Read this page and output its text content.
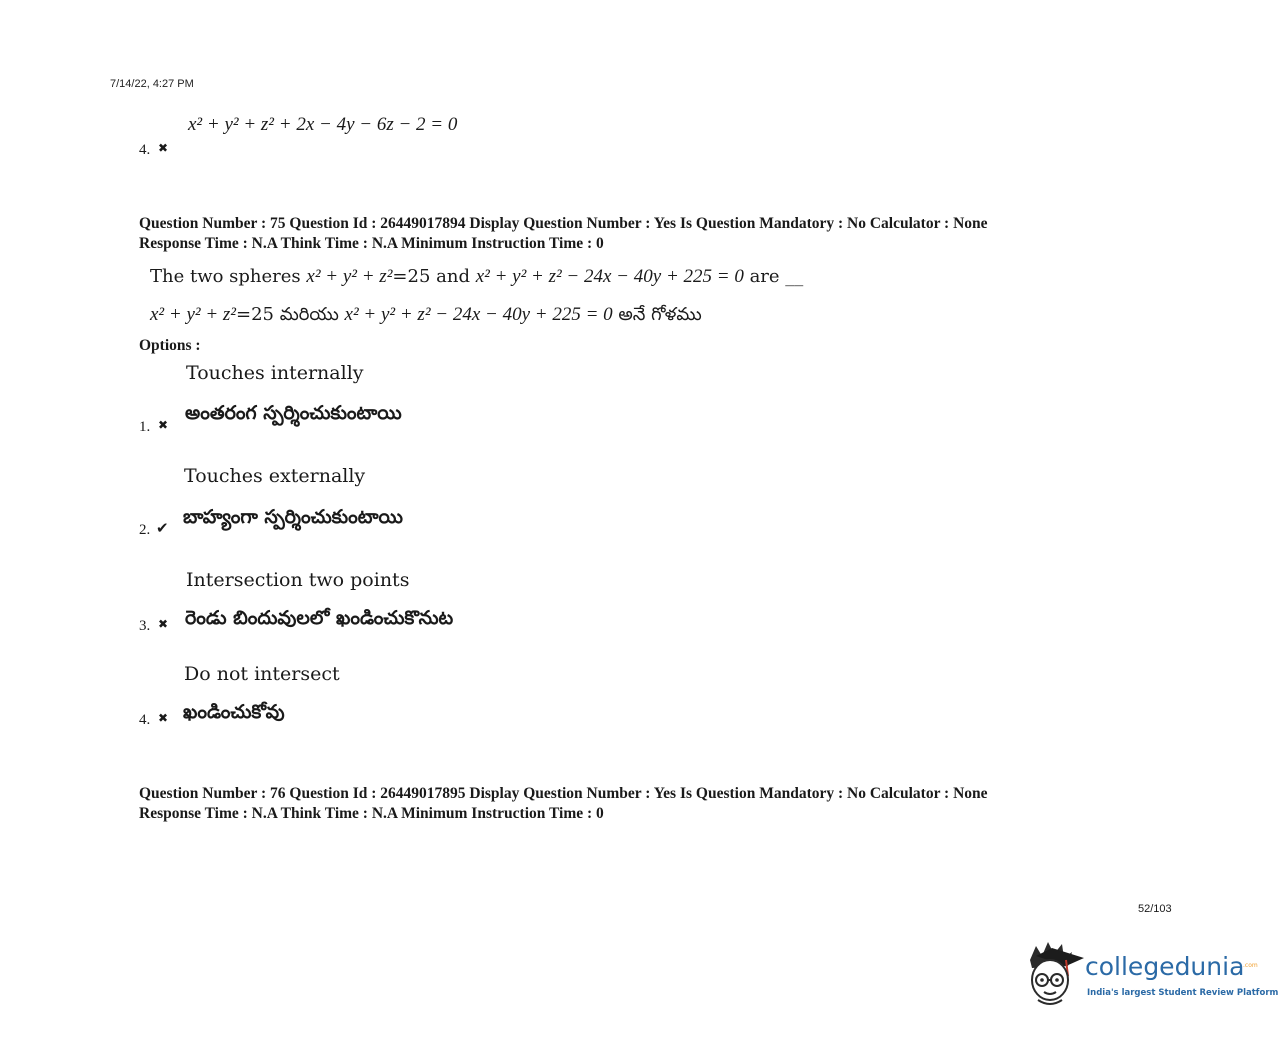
7/14/22, 4:27 PM
x² + y² + z² + 2x − 4y − 6z − 2 = 0
4. ✖
Question Number : 75 Question Id : 26449017894 Display Question Number : Yes Is Question Mandatory : No Calculator : None
Response Time : N.A Think Time : N.A Minimum Instruction Time : 0
The two spheres x² + y² + z²=25 and x² + y² + z² − 24x − 40y + 225 = 0 are __
x² + y² + z²=25 మరియు x² + y² + z² − 24x − 40y + 225 = 0 అనే గోళము
Options :
Touches internally
అంతరంగ స్పర్శించుకుంటాయి
1. ✖
Touches externally
బాహ్యంగా స్పర్శించుకుంటాయి
2. ✔
Intersection two points
రెండు బిందువులలో ఖండించుకొనుట
3. ✖
Do not intersect
ఖండించుకోవు
4. ✖
Question Number : 76 Question Id : 26449017895 Display Question Number : Yes Is Question Mandatory : No Calculator : None
Response Time : N.A Think Time : N.A Minimum Instruction Time : 0
52/103
collegedunia
.com
India's largest Student Review Platform
